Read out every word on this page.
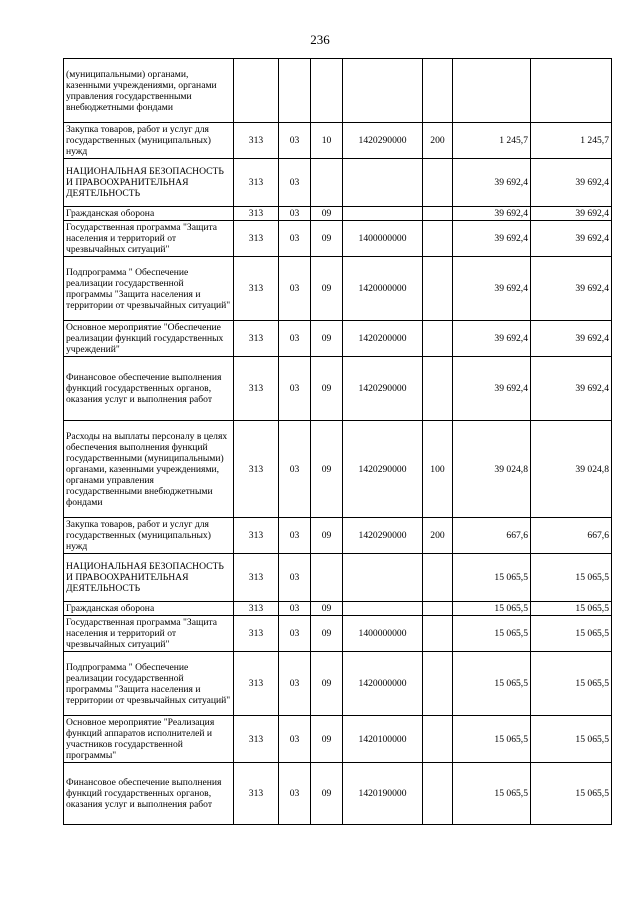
236
(муниципальными) органами, казенными учреждениями, органами управления государственными внебюджетными фондами							
Закупка товаров, работ и услуг для государственных (муниципальных) нужд	313	03	10	1420290000	200	1 245,7	1 245,7
НАЦИОНАЛЬНАЯ БЕЗОПАСНОСТЬ И ПРАВООХРАНИТЕЛЬНАЯ ДЕЯТЕЛЬНОСТЬ	313	03				39 692,4	39 692,4
Гражданская оборона	313	03	09			39 692,4	39 692,4
Государственная программа "Защита населения и территорий от чрезвычайных ситуаций"	313	03	09	1400000000		39 692,4	39 692,4
Подпрограмма " Обеспечение реализации государственной программы "Защита населения и территории от чрезвычайных ситуаций"	313	03	09	1420000000		39 692,4	39 692,4
Основное мероприятие "Обеспечение реализации функций государственных учреждений"	313	03	09	1420200000		39 692,4	39 692,4
Финансовое обеспечение выполнения функций государственных органов, оказания услуг и выполнения работ	313	03	09	1420290000		39 692,4	39 692,4
Расходы на выплаты персоналу в целях обеспечения выполнения функций государственными (муниципальными) органами, казенными учреждениями, органами управления государственными внебюджетными фондами	313	03	09	1420290000	100	39 024,8	39 024,8
Закупка товаров, работ и услуг для государственных (муниципальных) нужд	313	03	09	1420290000	200	667,6	667,6
НАЦИОНАЛЬНАЯ БЕЗОПАСНОСТЬ И ПРАВООХРАНИТЕЛЬНАЯ ДЕЯТЕЛЬНОСТЬ	313	03				15 065,5	15 065,5
Гражданская оборона	313	03	09			15 065,5	15 065,5
Государственная программа "Защита населения и территорий от чрезвычайных ситуаций"	313	03	09	1400000000		15 065,5	15 065,5
Подпрограмма " Обеспечение реализации государственной программы "Защита населения и территории от чрезвычайных ситуаций"	313	03	09	1420000000		15 065,5	15 065,5
Основное мероприятие "Реализация функций аппаратов исполнителей и участников государственной программы"	313	03	09	1420100000		15 065,5	15 065,5
Финансовое обеспечение выполнения функций государственных органов, оказания услуг и выполнения работ	313	03	09	1420190000		15 065,5	15 065,5
